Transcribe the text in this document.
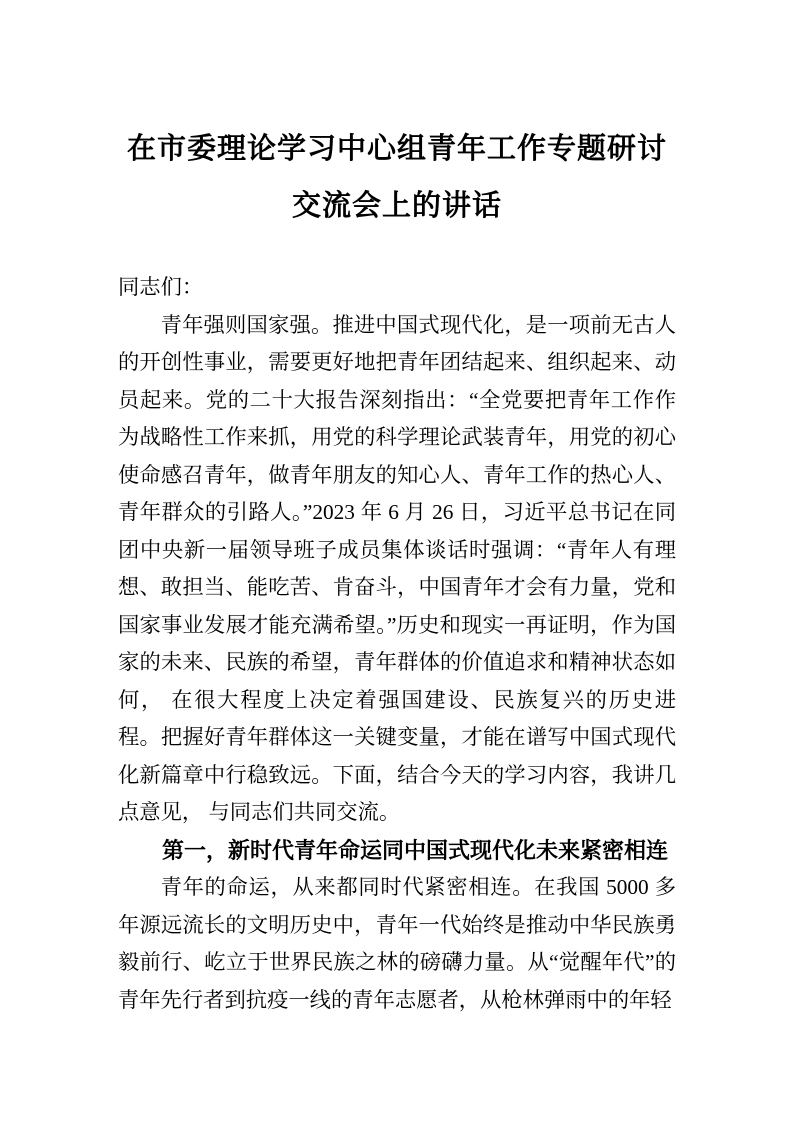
在市委理论学习中心组青年工作专题研讨
交流会上的讲话

同志们：

青年强则国家强。推进中国式现代化，是一项前无古人的开创性事业，需要更好地把青年团结起来、组织起来、动员起来。党的二十大报告深刻指出：“全党要把青年工作作为战略性工作来抓，用党的科学理论武装青年，用党的初心使命感召青年，做青年朋友的知心人、青年工作的热心人、青年群众的引路人。”2023 年 6 月 26 日，习近平总书记在同团中央新一届领导班子成员集体谈话时强调：“青年人有理想、敢担当、能吃苦、肯奋斗，中国青年才会有力量，党和国家事业发展才能充满希望。”历史和现实一再证明，作为国家的未来、民族的希望，青年群体的价值追求和精神状态如何， 在很大程度上决定着强国建设、民族复兴的历史进程。把握好青年群体这一关键变量，才能在谱写中国式现代化新篇章中行稳致远。下面，结合今天的学习内容，我讲几点意见， 与同志们共同交流。

第一，新时代青年命运同中国式现代化未来紧密相连

青年的命运，从来都同时代紧密相连。在我国 5000 多年源远流长的文明历史中，青年一代始终是推动中华民族勇毅前行、屹立于世界民族之林的磅礴力量。从“觉醒年代”的青年先行者到抗疫一线的青年志愿者，从枪林弹雨中的年轻
